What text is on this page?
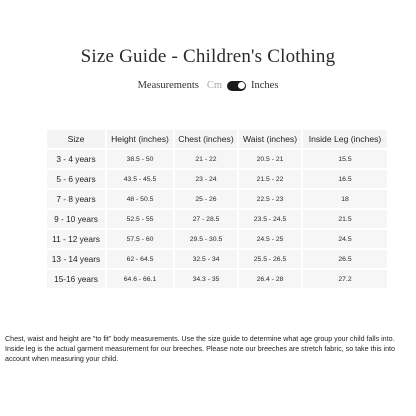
Size Guide - Children's Clothing
Measurements Cm	Inches
Size	Height (inches)	Chest (inches)	Waist (inches)	Inside Leg (inches)
3 - 4 years	38.5 - 50	21 - 22	20.5 - 21	15.5
5 - 6 years	43.5 - 45.5	23 - 24	21.5 - 22	16.5
7 - 8 years	48 - 50.5	25 - 26	22.5 - 23	18
9 - 10 years	52.5 - 55	27 - 28.5	23.5 - 24.5	21.5
11 - 12 years	57.5 - 60	29.5 - 30.5	24.5 - 25	24.5
13 - 14 years	62 - 64.5	32.5 - 34	25.5 - 26.5	26.5
15-16 years	64.6 - 66.1	34.3 - 35	26.4 - 28	27.2
Chest, waist and height are "to fit" body measurements. Use the size guide to determine what age group your child falls into. Inside leg is the actual garment measurement for our breeches. Please note our breeches are stretch fabric, so take this into account when measuring your child.
